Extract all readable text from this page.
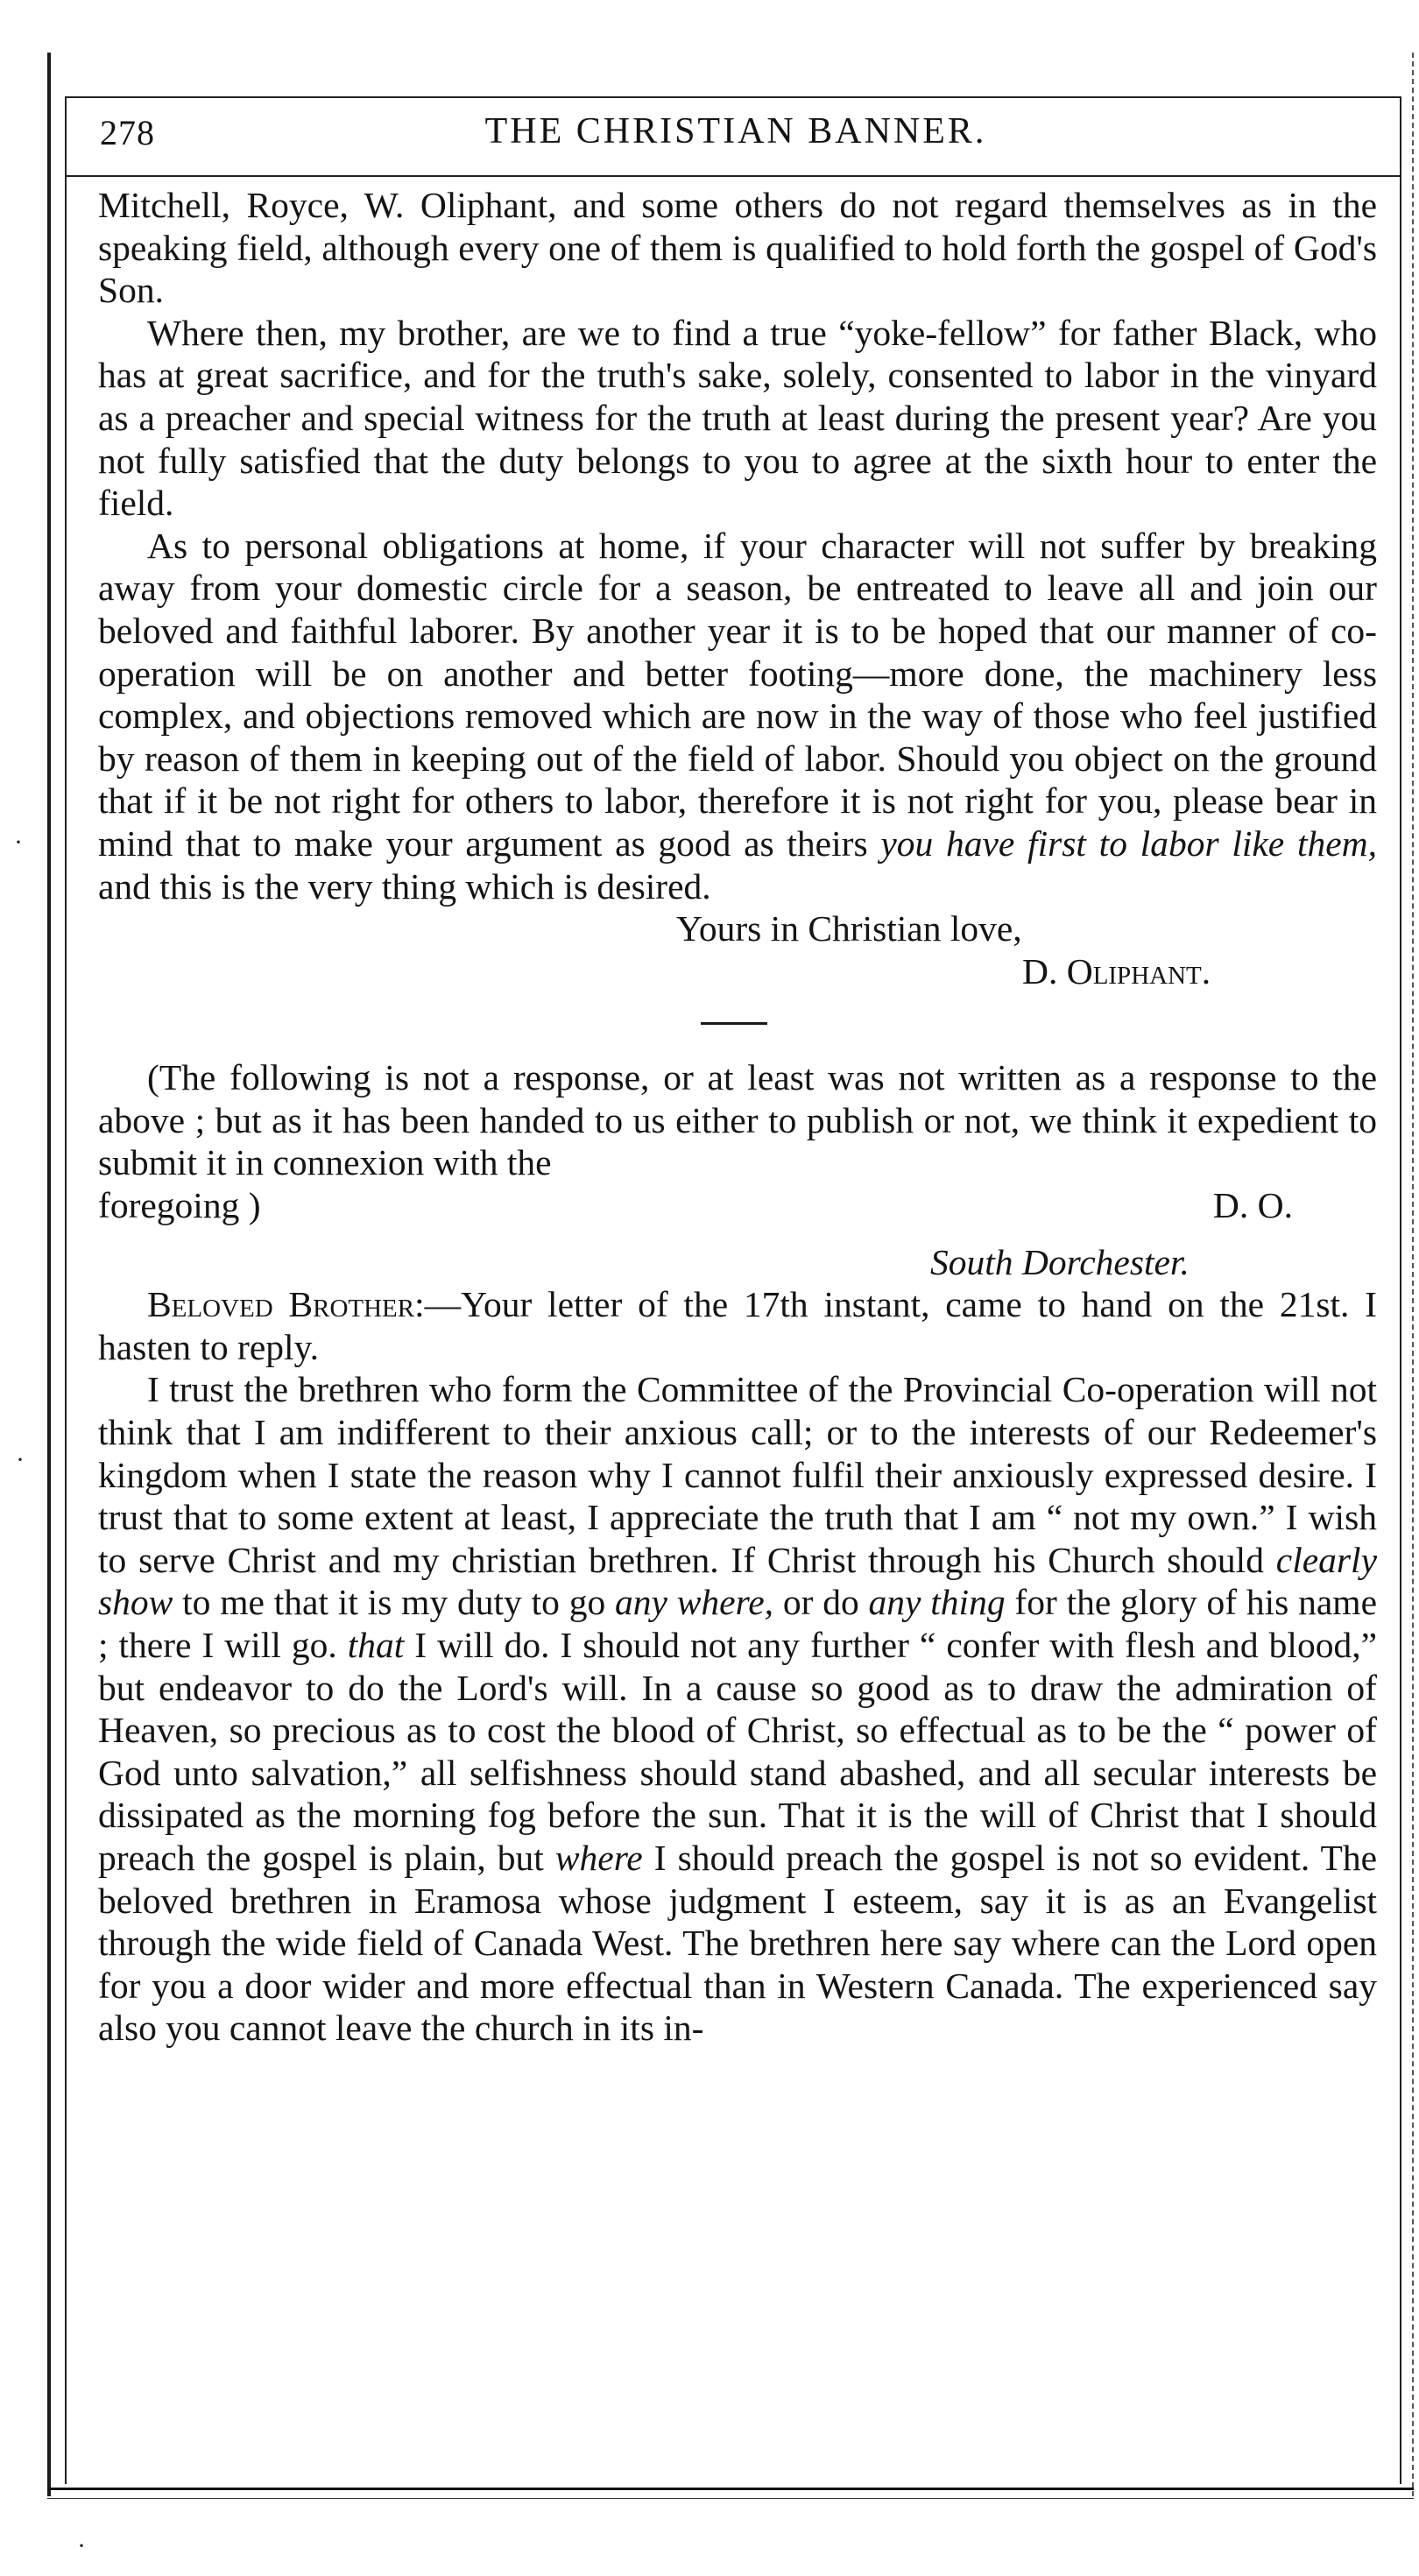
278	THE CHRISTIAN BANNER.

Mitchell, Royce, W. Oliphant, and some others do not regard themselves as in the speaking field, although every one of them is qualified to hold forth the gospel of God's Son.

Where then, my brother, are we to find a true “yoke-fellow” for father Black, who has at great sacrifice, and for the truth's sake, solely, consented to labor in the vinyard as a preacher and special witness for the truth at least during the present year? Are you not fully satisfied that the duty belongs to you to agree at the sixth hour to enter the field.

As to personal obligations at home, if your character will not suffer by breaking away from your domestic circle for a season, be entreated to leave all and join our beloved and faithful laborer. By another year it is to be hoped that our manner of co-operation will be on another and better footing—more done, the machinery less complex, and objections removed which are now in the way of those who feel justified by reason of them in keeping out of the field of labor. Should you object on the ground that if it be not right for others to labor, therefore it is not right for you, please bear in mind that to make your argument as good as theirs you have first to labor like them, and this is the very thing which is desired.

Yours in Christian love,

D. Oliphant.

(The following is not a response, or at least was not written as a response to the above ; but as it has been handed to us either to publish or not, we think it expedient to submit it in connexion with the

foregoing )	D. O.

South Dorchester.

Beloved Brother:—Your letter of the 17th instant, came to hand on the 21st. I hasten to reply.

I trust the brethren who form the Committee of the Provincial Co-operation will not think that I am indifferent to their anxious call; or to the interests of our Redeemer's kingdom when I state the reason why I cannot fulfil their anxiously expressed desire. I trust that to some extent at least, I appreciate the truth that I am “ not my own.” I wish to serve Christ and my christian brethren. If Christ through his Church should clearly show to me that it is my duty to go any where, or do any thing for the glory of his name ; there I will go. that I will do. I should not any further “ confer with flesh and blood,” but endeavor to do the Lord's will. In a cause so good as to draw the admiration of Heaven, so precious as to cost the blood of Christ, so effectual as to be the “ power of God unto salvation,” all selfishness should stand abashed, and all secular interests be dissipated as the morning fog before the sun. That it is the will of Christ that I should preach the gospel is plain, but where I should preach the gospel is not so evident. The beloved brethren in Eramosa whose judgment I esteem, say it is as an Evangelist through the wide field of Canada West. The brethren here say where can the Lord open for you a door wider and more effectual than in Western Canada. The experienced say also you cannot leave the church in its in-

·
·
·
